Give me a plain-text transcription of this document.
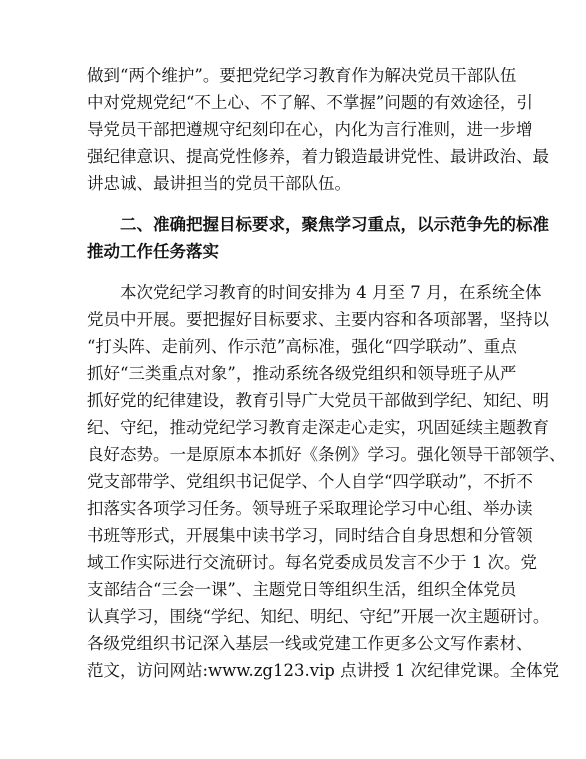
做到“两个维护”。要把党纪学习教育作为解决党员干部队伍
中对党规党纪“不上心、不了解、不掌握”问题的有效途径，引
导党员干部把遵规守纪刻印在心，内化为言行准则，进一步增
强纪律意识、提高党性修养，着力锻造最讲党性、最讲政治、最
讲忠诚、最讲担当的党员干部队伍。
二、准确把握目标要求，聚焦学习重点，以示范争先的标准
推动工作任务落实
本次党纪学习教育的时间安排为 4 月至 7 月，在系统全体
党员中开展。要把握好目标要求、主要内容和各项部署，坚持以
“打头阵、走前列、作示范”高标准，强化“四学联动”、重点
抓好“三类重点对象”，推动系统各级党组织和领导班子从严
抓好党的纪律建设，教育引导广大党员干部做到学纪、知纪、明
纪、守纪，推动党纪学习教育走深走心走实，巩固延续主题教育
良好态势。一是原原本本抓好《条例》学习。强化领导干部领学、
党支部带学、党组织书记促学、个人自学“四学联动”，不折不
扣落实各项学习任务。领导班子采取理论学习中心组、举办读
书班等形式，开展集中读书学习，同时结合自身思想和分管领
域工作实际进行交流研讨。每名党委成员发言不少于 1 次。党
支部结合“三会一课”、主题党日等组织生活，组织全体党员
认真学习，围绕“学纪、知纪、明纪、守纪”开展一次主题研讨。
各级党组织书记深入基层一线或党建工作更多公文写作素材、
范文，访问网站:www.zg123.vip 点讲授 1 次纪律党课。全体党
